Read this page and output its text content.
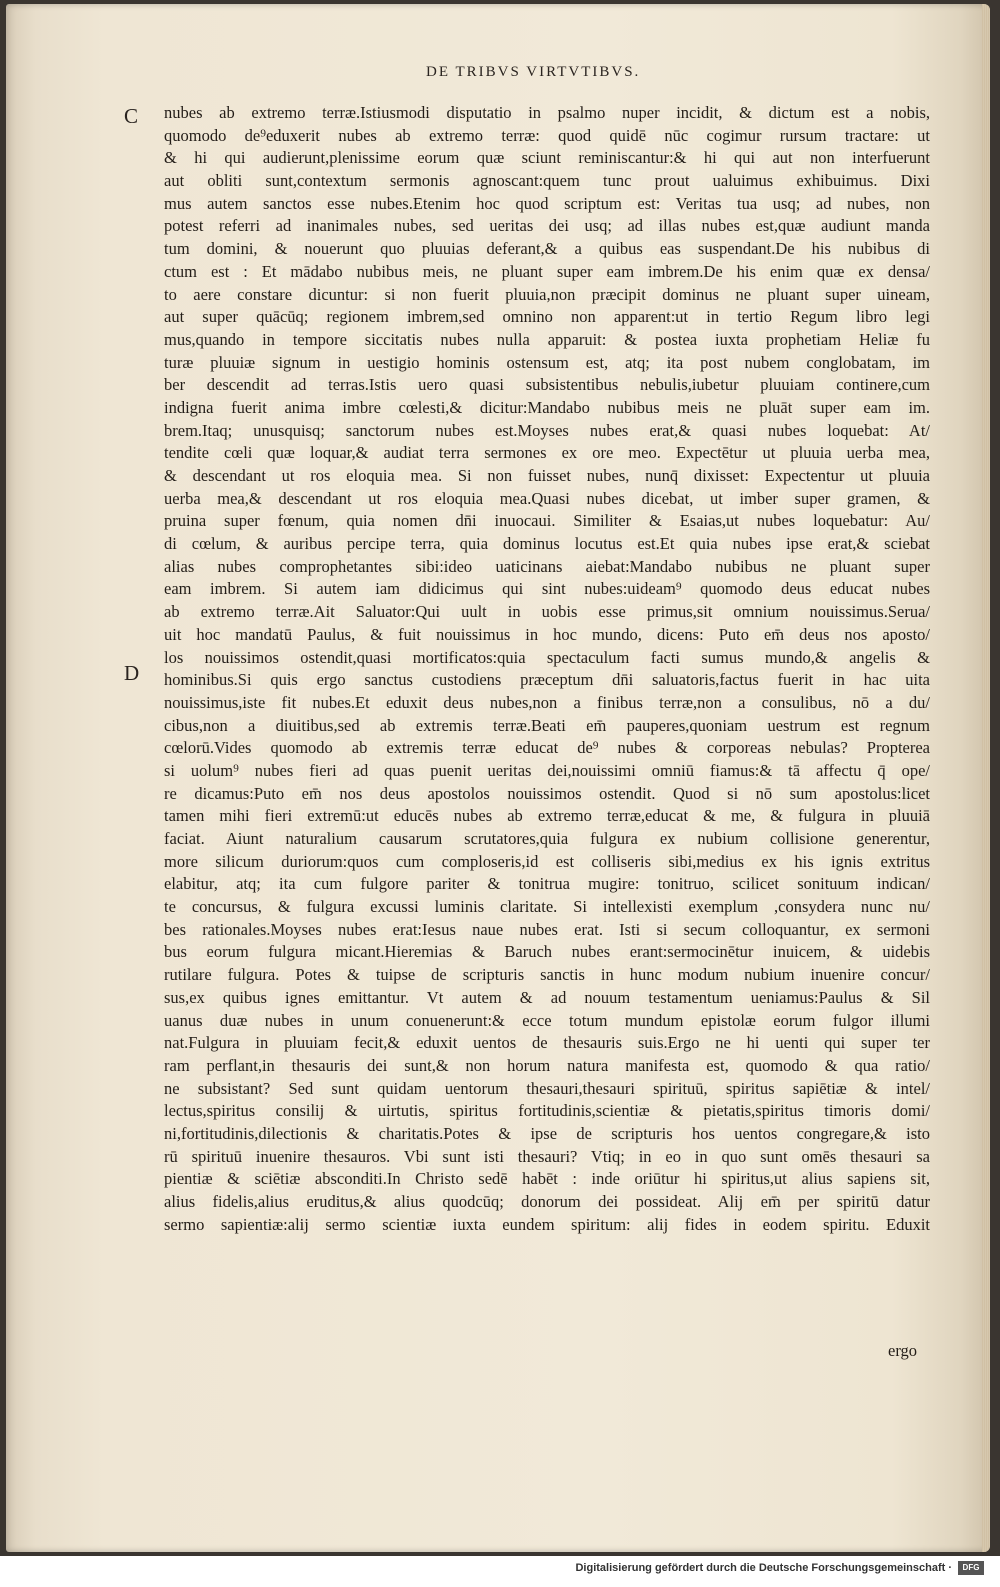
DE TRIBVS VIRTVTIBVS.
C
D
nubes ab extremo terræ.Istiusmodi disputatio in psalmo nuper incidit, & dictum est a nobis,
quomodo de⁹eduxerit nubes ab extremo terræ: quod quidē nūc cogimur rursum tractare: ut
& hi qui audierunt,plenissime eorum quæ sciunt reminiscantur:& hi qui aut non interfuerunt
aut obliti sunt,contextum sermonis agnoscant:quem tunc prout ualuimus exhibuimus. Dixi
mus autem sanctos esse nubes.Etenim hoc quod scriptum est: Veritas tua usq; ad nubes, non
potest referri ad inanimales nubes, sed ueritas dei usq; ad illas nubes est,quæ audiunt manda
tum domini, & nouerunt quo pluuias deferant,& a quibus eas suspendant.De his nubibus di
ctum est : Et mādabo nubibus meis, ne pluant super eam imbrem.De his enim quæ ex densa/
to aere constare dicuntur: si non fuerit pluuia,non præcipit dominus ne pluant super uineam,
aut super quācūq; regionem imbrem,sed omnino non apparent:ut in tertio Regum libro legi
mus,quando in tempore siccitatis nubes nulla apparuit: & postea iuxta prophetiam Heliæ fu
turæ pluuiæ signum in uestigio hominis ostensum est, atq; ita post nubem conglobatam, im
ber descendit ad terras.Istis uero quasi subsistentibus nebulis,iubetur pluuiam continere,cum
indigna fuerit anima imbre cœlesti,& dicitur:Mandabo nubibus meis ne pluāt super eam im.
brem.Itaq; unusquisq; sanctorum nubes est.Moyses nubes erat,& quasi nubes loquebat: At/
tendite cœli quæ loquar,& audiat terra sermones ex ore meo. Expectētur ut pluuia uerba mea,
& descendant ut ros eloquia mea. Si non fuisset nubes, nunq̄ dixisset: Expectentur ut pluuia
uerba mea,& descendant ut ros eloquia mea.Quasi nubes dicebat, ut imber super gramen, &
pruina super fœnum, quia nomen dn̄i inuocaui. Similiter & Esaias,ut nubes loquebatur: Au/
di cœlum, & auribus percipe terra, quia dominus locutus est.Et quia nubes ipse erat,& sciebat
alias nubes comprophetantes sibi:ideo uaticinans aiebat:Mandabo nubibus ne pluant super
eam imbrem. Si autem iam didicimus qui sint nubes:uideam⁹ quomodo deus educat nubes
ab extremo terræ.Ait Saluator:Qui uult in uobis esse primus,sit omnium nouissimus.Serua/
uit hoc mandatū Paulus, & fuit nouissimus in hoc mundo, dicens: Puto em̄ deus nos aposto/
los nouissimos ostendit,quasi mortificatos:quia spectaculum facti sumus mundo,& angelis &
hominibus.Si quis ergo sanctus custodiens præceptum dn̄i saluatoris,factus fuerit in hac uita
nouissimus,iste fit nubes.Et eduxit deus nubes,non a finibus terræ,non a consulibus, nō a du/
cibus,non a diuitibus,sed ab extremis terræ.Beati em̄ pauperes,quoniam uestrum est regnum
cœlorū.Vides quomodo ab extremis terræ educat de⁹ nubes & corporeas nebulas? Propterea
si uolum⁹ nubes fieri ad quas puenit ueritas dei,nouissimi omniū fiamus:& tā affectu q̄ ope/
re dicamus:Puto em̄ nos deus apostolos nouissimos ostendit. Quod si nō sum apostolus:licet
tamen mihi fieri extremū:ut educēs nubes ab extremo terræ,educat & me, & fulgura in pluuiā
faciat. Aiunt naturalium causarum scrutatores,quia fulgura ex nubium collisione generentur,
more silicum duriorum:quos cum comploseris,id est colliseris sibi,medius ex his ignis extritus
elabitur, atq; ita cum fulgore pariter & tonitrua mugire: tonitruo, scilicet sonituum indican/
te concursus, & fulgura excussi luminis claritate. Si intellexisti exemplum ,consydera nunc nu/
bes rationales.Moyses nubes erat:Iesus naue nubes erat. Isti si secum colloquantur, ex sermoni
bus eorum fulgura micant.Hieremias & Baruch nubes erant:sermocinētur inuicem, & uidebis
rutilare fulgura. Potes & tuipse de scripturis sanctis in hunc modum nubium inuenire concur/
sus,ex quibus ignes emittantur. Vt autem & ad nouum testamentum ueniamus:Paulus & Sil
uanus duæ nubes in unum conuenerunt:& ecce totum mundum epistolæ eorum fulgor illumi
nat.Fulgura in pluuiam fecit,& eduxit uentos de thesauris suis.Ergo ne hi uenti qui super ter
ram perflant,in thesauris dei sunt,& non horum natura manifesta est, quomodo & qua ratio/
ne subsistant? Sed sunt quidam uentorum thesauri,thesauri spirituū, spiritus sapiētiæ & intel/
lectus,spiritus consilij & uirtutis, spiritus fortitudinis,scientiæ & pietatis,spiritus timoris domi/
ni,fortitudinis,dilectionis & charitatis.Potes & ipse de scripturis hos uentos congregare,& isto
rū spirituū inuenire thesauros. Vbi sunt isti thesauri? Vtiq; in eo in quo sunt omēs thesauri sa
pientiæ & sciētiæ absconditi.In Christo sedē habēt : inde oriūtur hi spiritus,ut alius sapiens sit,
alius fidelis,alius eruditus,& alius quodcūq; donorum dei possideat. Alij em̄ per spiritū datur
sermo sapientiæ:alij sermo scientiæ iuxta eundem spiritum: alij fides in eodem spiritu. Eduxit
ergo
Digitalisierung gefördert durch die Deutsche Forschungsgemeinschaft ·	DFG
